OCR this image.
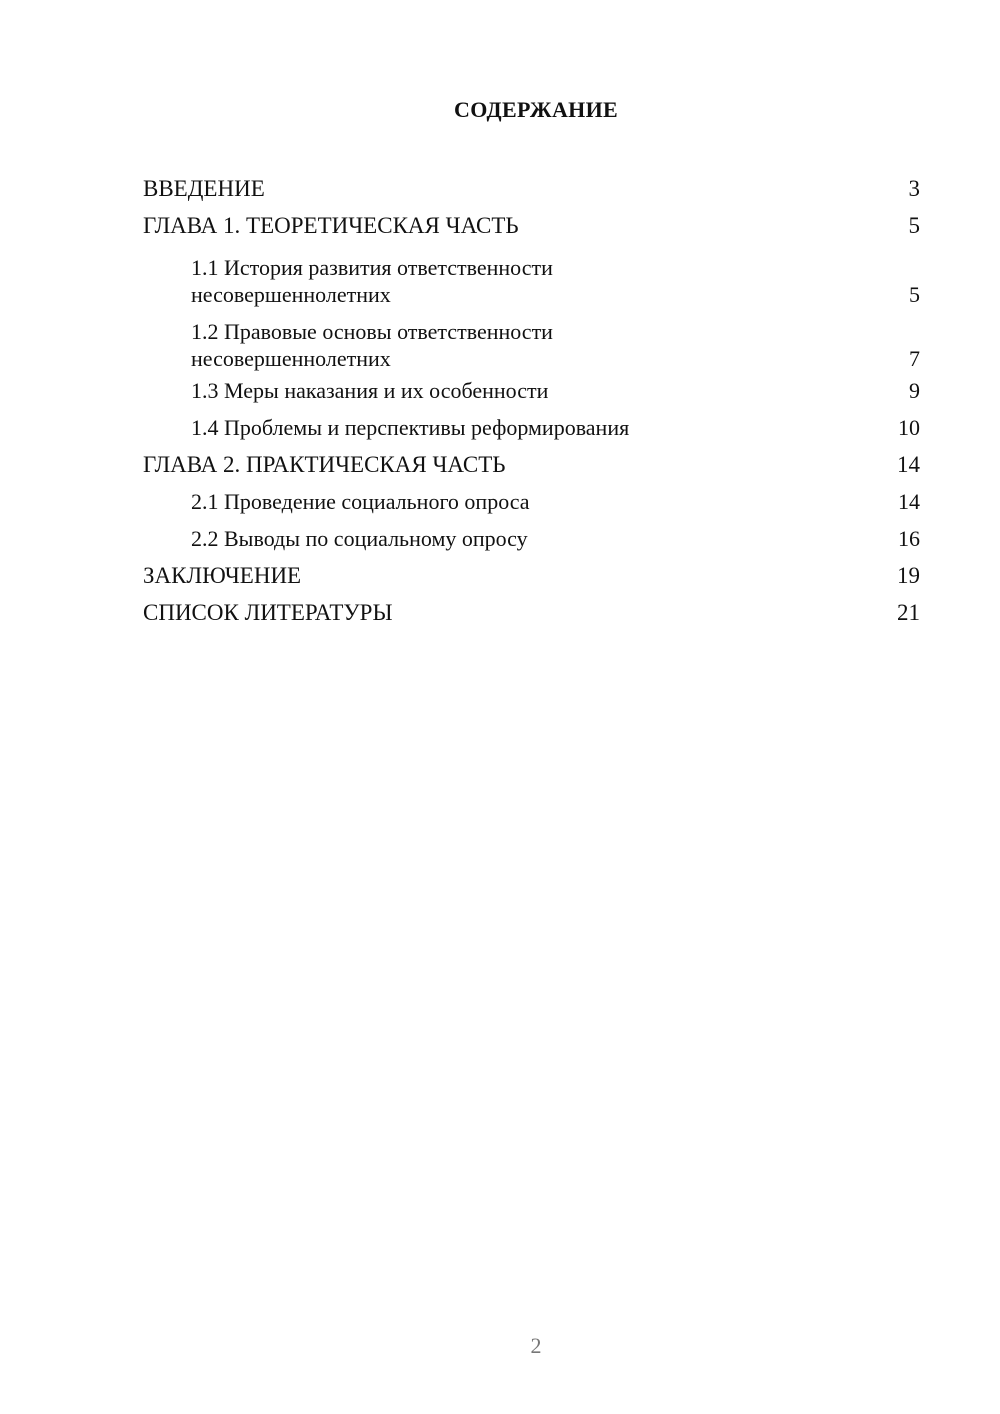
СОДЕРЖАНИЕ
ВВЕДЕНИЕ	3
ГЛАВА 1. ТЕОРЕТИЧЕСКАЯ ЧАСТЬ	5
1.1 История развития ответственности
несовершеннолетних	5
1.2 Правовые основы ответственности
несовершеннолетних	7
1.3 Меры наказания и их особенности	9
1.4 Проблемы и перспективы реформирования	10
ГЛАВА 2. ПРАКТИЧЕСКАЯ ЧАСТЬ	14
2.1 Проведение социального опроса	14
2.2 Выводы по социальному опросу	16
ЗАКЛЮЧЕНИЕ	19
СПИСОК ЛИТЕРАТУРЫ	21
2
